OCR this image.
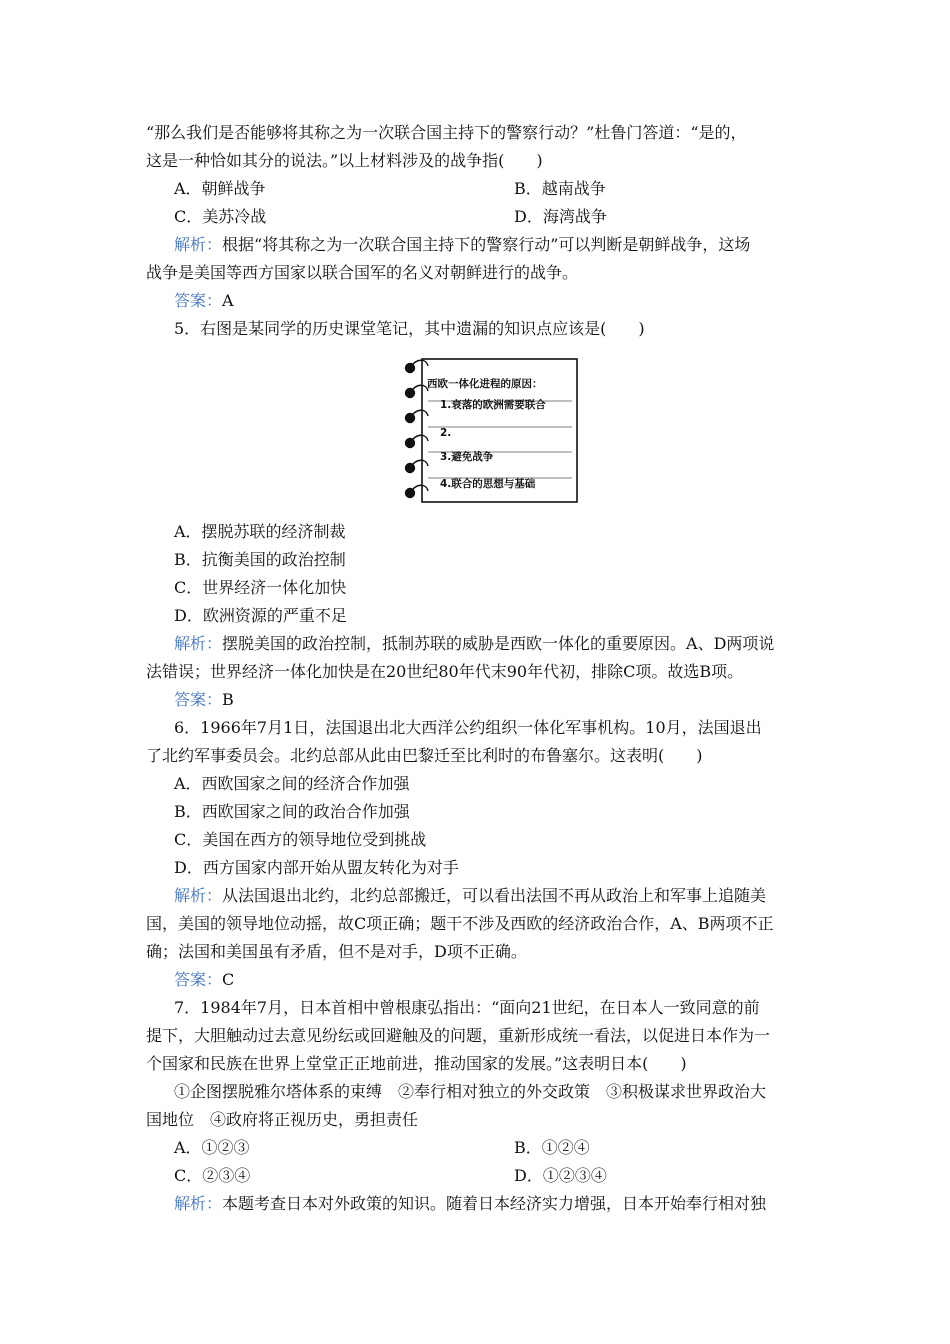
“那么我们是否能够将其称之为一次联合国主持下的警察行动？”杜鲁门答道：“是的，
这是一种恰如其分的说法。”以上材料涉及的战争指(　　)
A．朝鲜战争	B．越南战争
C．美苏冷战	D．海湾战争
解析：根据“将其称之为一次联合国主持下的警察行动”可以判断是朝鲜战争，这场
战争是美国等西方国家以联合国军的名义对朝鲜进行的战争。
答案：A
5．右图是某同学的历史课堂笔记，其中遗漏的知识点应该是(　　)
西欧一体化进程的原因：
1.衰落的欧洲需要联合
2.
3.避免战争
4.联合的思想与基础
A．摆脱苏联的经济制裁
B．抗衡美国的政治控制
C．世界经济一体化加快
D．欧洲资源的严重不足
解析：摆脱美国的政治控制，抵制苏联的威胁是西欧一体化的重要原因。A、D两项说
法错误；世界经济一体化加快是在20世纪80年代末90年代初，排除C项。故选B项。
答案：B
6．1966年7月1日，法国退出北大西洋公约组织一体化军事机构。10月，法国退出
了北约军事委员会。北约总部从此由巴黎迁至比利时的布鲁塞尔。这表明(　　)
A．西欧国家之间的经济合作加强
B．西欧国家之间的政治合作加强
C．美国在西方的领导地位受到挑战
D．西方国家内部开始从盟友转化为对手
解析：从法国退出北约，北约总部搬迁，可以看出法国不再从政治上和军事上追随美
国，美国的领导地位动摇，故C项正确；题干不涉及西欧的经济政治合作，A、B两项不正
确；法国和美国虽有矛盾，但不是对手，D项不正确。
答案：C
7．1984年7月，日本首相中曾根康弘指出：“面向21世纪，在日本人一致同意的前
提下，大胆触动过去意见纷纭或回避触及的问题，重新形成统一看法，以促进日本作为一
个国家和民族在世界上堂堂正正地前进，推动国家的发展。”这表明日本(　　)
①企图摆脱雅尔塔体系的束缚　②奉行相对独立的外交政策　③积极谋求世界政治大
国地位　④政府将正视历史，勇担责任
A．①②③	B．①②④
C．②③④	D．①②③④
解析：本题考查日本对外政策的知识。随着日本经济实力增强，日本开始奉行相对独
